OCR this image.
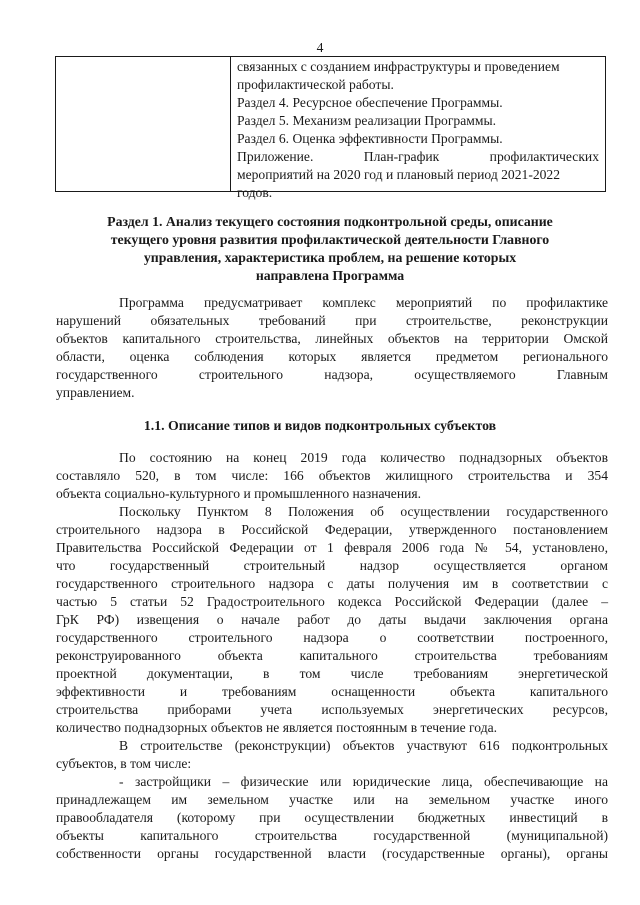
4
связанных с созданием инфраструктуры и проведением
профилактической работы.
Раздел 4. Ресурсное обеспечение Программы.
Раздел 5. Механизм реализации Программы.
Раздел 6. Оценка эффективности Программы.
Приложение. План-график профилактических
мероприятий на 2020 год и плановый период 2021-2022
годов.
Раздел 1. Анализ текущего состояния подконтрольной среды, описание
текущего уровня развития профилактической деятельности Главного
управления, характеристика проблем, на решение которых
направлена Программа
Программа предусматривает комплекс мероприятий по профилактике
нарушений обязательных требований при строительстве, реконструкции
объектов капитального строительства, линейных объектов на территории Омской
области, оценка соблюдения которых является предметом регионального
государственного строительного надзора, осуществляемого Главным
управлением.
1.1. Описание типов и видов подконтрольных субъектов
По состоянию на конец 2019 года количество поднадзорных объектов
составляло 520, в том числе: 166 объектов жилищного строительства и 354
объекта социально-культурного и промышленного назначения.
Поскольку Пунктом 8 Положения об осуществлении государственного
строительного надзора в Российской Федерации, утвержденного постановлением
Правительства Российской Федерации от 1 февраля 2006 года № 54, установлено,
что государственный строительный надзор осуществляется органом
государственного строительного надзора с даты получения им в соответствии с
частью 5 статьи 52 Градостроительного кодекса Российской Федерации (далее –
ГрК РФ) извещения о начале работ до даты выдачи заключения органа
государственного строительного надзора о соответствии построенного,
реконструированного объекта капитального строительства требованиям
проектной документации, в том числе требованиям энергетической
эффективности и требованиям оснащенности объекта капитального
строительства приборами учета используемых энергетических ресурсов,
количество поднадзорных объектов не является постоянным в течение года.
В строительстве (реконструкции) объектов участвуют 616 подконтрольных
субъектов, в том числе:
- застройщики – физические или юридические лица, обеспечивающие на
принадлежащем им земельном участке или на земельном участке иного
правообладателя (которому при осуществлении бюджетных инвестиций в
объекты капитального строительства государственной (муниципальной)
собственности органы государственной власти (государственные органы), органы
